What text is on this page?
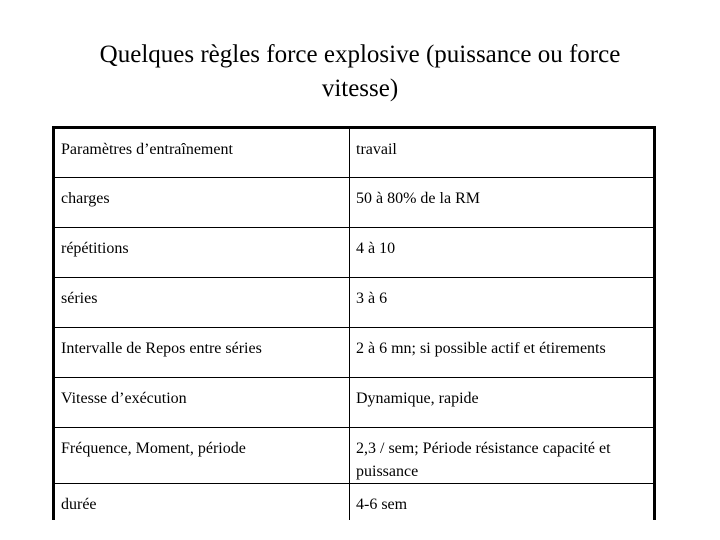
Quelques règles force explosive (puissance ou force
vitesse)
Paramètres d’entraînement	travail
charges	50 à 80% de la RM
répétitions	4 à 10
séries	3 à 6
Intervalle de Repos entre séries	2 à 6 mn; si possible actif et étirements
Vitesse d’exécution	Dynamique, rapide
Fréquence, Moment, période	2,3 / sem; Période résistance capacité et puissance
durée	4-6 sem
